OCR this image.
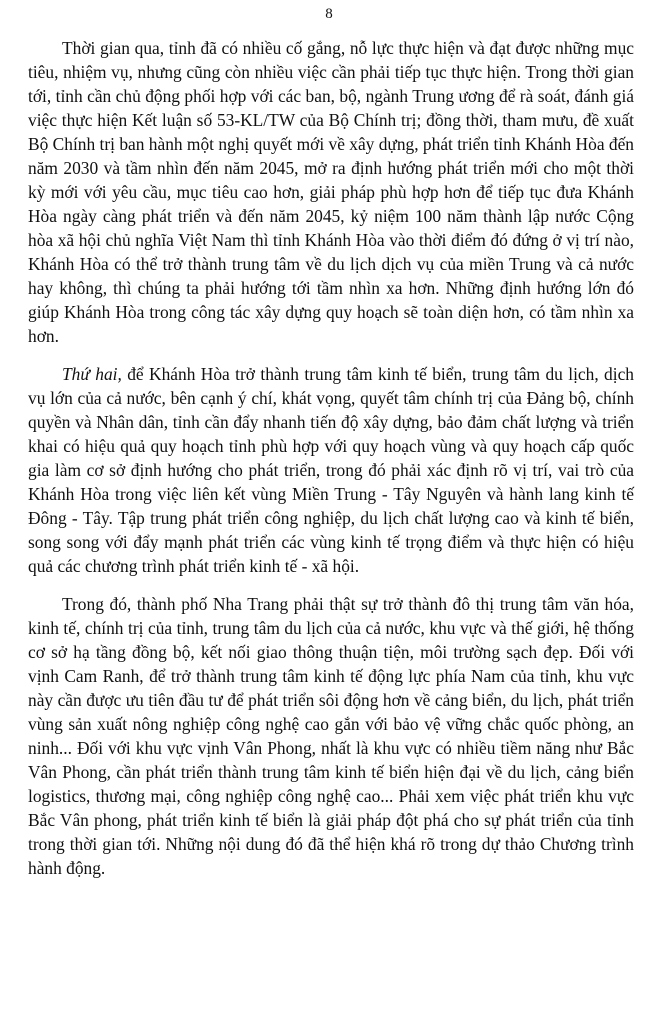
8

Thời gian qua, tỉnh đã có nhiều cố gắng, nỗ lực thực hiện và đạt được những mục tiêu, nhiệm vụ, nhưng cũng còn nhiều việc cần phải tiếp tục thực hiện. Trong thời gian tới, tỉnh cần chủ động phối hợp với các ban, bộ, ngành Trung ương để rà soát, đánh giá việc thực hiện Kết luận số 53-KL/TW của Bộ Chính trị; đồng thời, tham mưu, đề xuất Bộ Chính trị ban hành một nghị quyết mới về xây dựng, phát triển tỉnh Khánh Hòa đến năm 2030 và tầm nhìn đến năm 2045, mở ra định hướng phát triển mới cho một thời kỳ mới với yêu cầu, mục tiêu cao hơn, giải pháp phù hợp hơn để tiếp tục đưa Khánh Hòa ngày càng phát triển và đến năm 2045, kỷ niệm 100 năm thành lập nước Cộng hòa xã hội chủ nghĩa Việt Nam thì tỉnh Khánh Hòa vào thời điểm đó đứng ở vị trí nào, Khánh Hòa có thể trở thành trung tâm về du lịch dịch vụ của miền Trung và cả nước hay không, thì chúng ta phải hướng tới tầm nhìn xa hơn. Những định hướng lớn đó giúp Khánh Hòa trong công tác xây dựng quy hoạch sẽ toàn diện hơn, có tầm nhìn xa hơn.

Thứ hai, để Khánh Hòa trở thành trung tâm kinh tế biển, trung tâm du lịch, dịch vụ lớn của cả nước, bên cạnh ý chí, khát vọng, quyết tâm chính trị của Đảng bộ, chính quyền và Nhân dân, tỉnh cần đẩy nhanh tiến độ xây dựng, bảo đảm chất lượng và triển khai có hiệu quả quy hoạch tỉnh phù hợp với quy hoạch vùng và quy hoạch cấp quốc gia làm cơ sở định hướng cho phát triển, trong đó phải xác định rõ vị trí, vai trò của Khánh Hòa trong việc liên kết vùng Miền Trung - Tây Nguyên và hành lang kinh tế Đông - Tây. Tập trung phát triển công nghiệp, du lịch chất lượng cao và kinh tế biển, song song với đẩy mạnh phát triển các vùng kinh tế trọng điểm và thực hiện có hiệu quả các chương trình phát triển kinh tế - xã hội.

Trong đó, thành phố Nha Trang phải thật sự trở thành đô thị trung tâm văn hóa, kinh tế, chính trị của tỉnh, trung tâm du lịch của cả nước, khu vực và thế giới, hệ thống cơ sở hạ tầng đồng bộ, kết nối giao thông thuận tiện, môi trường sạch đẹp. Đối với vịnh Cam Ranh, để trở thành trung tâm kinh tế động lực phía Nam của tỉnh, khu vực này cần được ưu tiên đầu tư để phát triển sôi động hơn về cảng biển, du lịch, phát triển vùng sản xuất nông nghiệp công nghệ cao gắn với bảo vệ vững chắc quốc phòng, an ninh... Đối với khu vực vịnh Vân Phong, nhất là khu vực có nhiều tiềm năng như Bắc Vân Phong, cần phát triển thành trung tâm kinh tế biển hiện đại về du lịch, cảng biển logistics, thương mại, công nghiệp công nghệ cao... Phải xem việc phát triển khu vực Bắc Vân phong, phát triển kinh tế biển là giải pháp đột phá cho sự phát triển của tỉnh trong thời gian tới. Những nội dung đó đã thể hiện khá rõ trong dự thảo Chương trình hành động.
